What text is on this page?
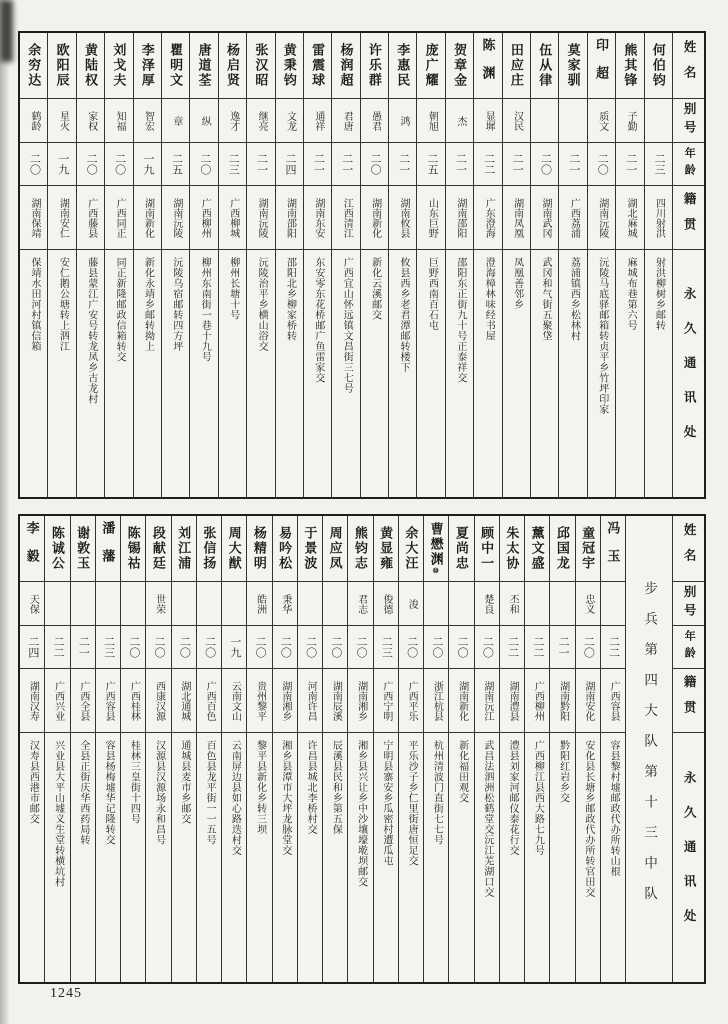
姓名
别号
年龄
籍贯
永久通讯处
何伯钧
二三
四川射洪
射洪柳树乡邮转
熊其锋
子勤
二一
湖北麻城
麻城布巷第六号
印超
质文
二〇
湖南沅陵
沅陵马底驿邮箱转贞平乡竹坪印家
莫家驯
二一
广西荔浦
荔浦镇西乡松林村
伍从律
二〇
湖南武冈
武冈和气街五聚垡
田应庄
汉民
二一
湖南凤凰
凤凰善邻乡
陈渊
显墀
二二
广东澄海
澄海樟林味经书屋
贺章金
杰
二一
湖南邵阳
邵阳东正街九十号正泰祥交
庞广耀
朝旭
二五
山东巨野
巨野西南百石屯
李惠民
鸿
二一
湖南攸县
攸县西乡老君潭邮转楼下
许乐群
愚君
二〇
湖南新化
新化云溪邮交
杨润超
君唐
二一
江西清江
广西宜山怀远镇文昌街三七号
雷震球
通祥
二一
湖南东安
东安零东花桥邮广鱼雷家交
黄秉钧
文龙
二四
湖南邵阳
邵阳北乡柳家桥转
张汉昭
继亮
二一
湖南沅陵
沅陵治平乡横山浴交
杨启贤
逸才
二三
广西柳城
柳州长塘十号
唐道荃
纵
二〇
广西柳州
柳州东南街一巷十九号
瞿明文
章
二五
湖南沅陵
沅陵乌宿邮转四方坪
李泽厚
智宏
一九
湖南新化
新化永靖乡邮转拗上
刘戈夫
知福
二〇
广西同正
同正新隆邮政信箱转交
黄陆权
家权
二〇
广西藤县
藤县蒙江广安号转龙凤乡古龙村
欧阳辰
星火
一九
湖南安仁
安仁鹅公塘转上泗江
余穷达
鹤龄
二〇
湖南保靖
保靖水田河村镇信箱
姓名
别号
年龄
籍贯
永久通讯处
步兵第四大队第十三中队
冯玉
二二
广西容县
容县黎村墟邮政代办所转山根
童冠宇
忠义
二〇
湖南安化
安化县长塘乡邮政代办所转官田交
邱国龙
二一
湖南黔阳
黔阳红岩乡交
薰文盛
二二
广西柳州
广西柳江县西大路七九号
朱太协
丕和
二二
湖南澧县
澧县刘家河邮仪泰花行交
顾中一
楚良
二〇
湖南沅江
武昌法泗洲松鹤堂交沅江芜湖口交
夏尚忠
二〇
湖南新化
新化福田观交
曹懋渊⑩
二〇
浙江杭县
杭州清波门直街七七号
余大汪
浚
二〇
广西平乐
平乐沙子乡仁里街唐恒足交
黄显雍
俊德
二三
广西宁明
宁明县寨安乡瓜密村遭瓜屯
熊钧志
君志
二〇
湖南湘乡
湘乡县兴让乡中沙壤壕墘坝邮交
周应凤
二〇
湖南辰溪
辰溪县民和乡第五保
于景波
二〇
河南许昌
许昌县城北李桥村交
易吟松
秉华
二〇
湖南湘乡
湘乡县潭市大坪龙脉堂交
杨精明
皓洲
二〇
贵州黎平
黎平县新化乡转三坝
周大猷
一九
云南文山
云南屏边县如心路迭村交
张信扬
二〇
广西百色
百色县龙平街一一五号
刘江浦
二〇
湖北通城
通城县麦市乡邮交
段献廷
世荣
二〇
西康汉源
汉源县汉源场永和昌号
陈锡祜
二〇
广西桂林
桂林三皇街十四号
潘藩
二三
广西容县
容县杨梅墟华记隆转交
谢敦玉
二一
广西全县
全县正街庆华西药局转
陈诚公
二二
广西兴业
兴业县大平山墟义生堂转横坑村
李毅
天保
二四
湖南汉寿
汉寿县西港市邮交
1245
